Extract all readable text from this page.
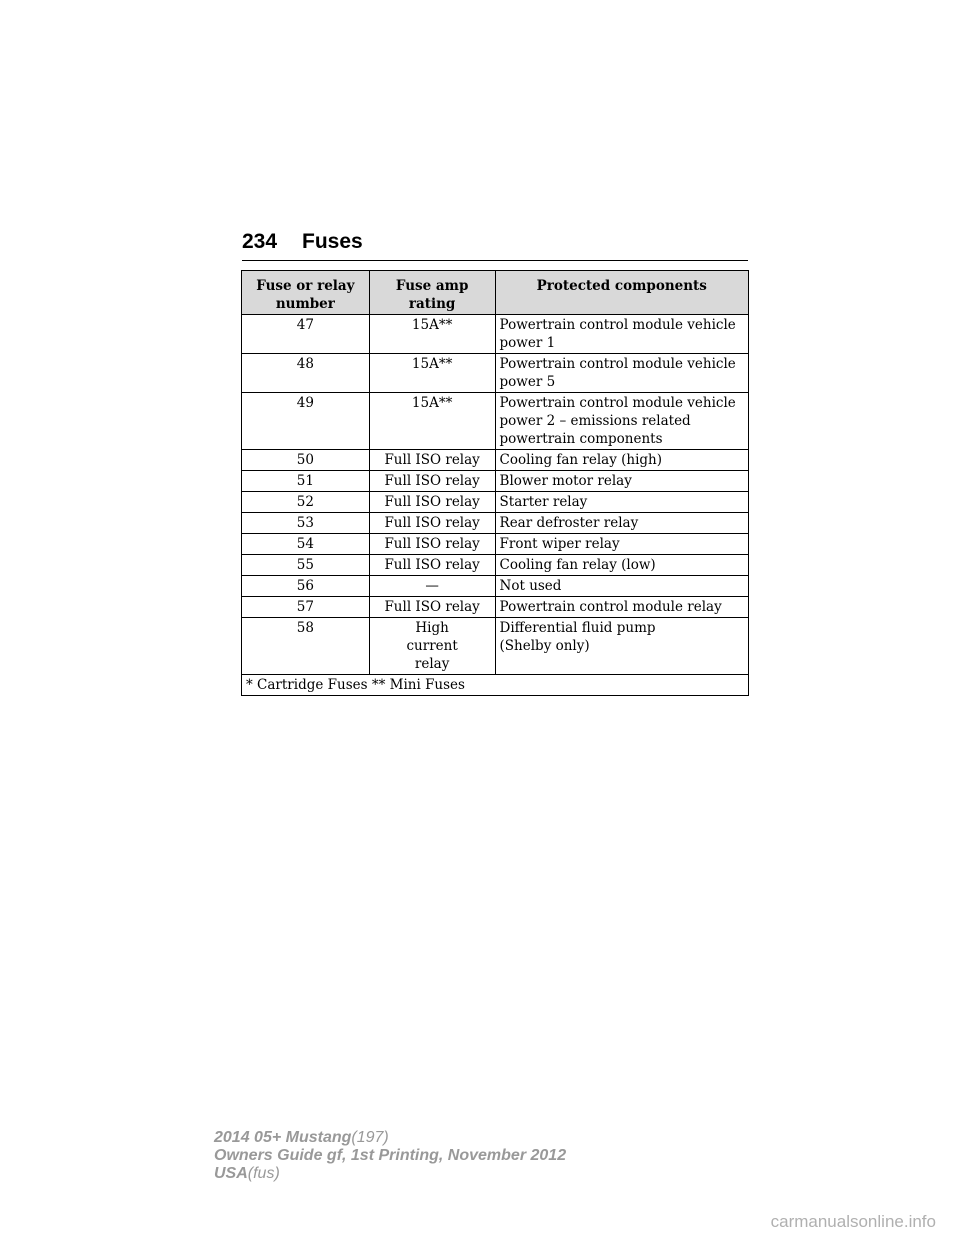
234 Fuses
Fuse or relay number	Fuse amp rating	Protected components
47	15A**	Powertrain control module vehicle power 1
48	15A**	Powertrain control module vehicle power 5
49	15A**	Powertrain control module vehicle power 2 – emissions related powertrain components
50	Full ISO relay	Cooling fan relay (high)
51	Full ISO relay	Blower motor relay
52	Full ISO relay	Starter relay
53	Full ISO relay	Rear defroster relay
54	Full ISO relay	Front wiper relay
55	Full ISO relay	Cooling fan relay (low)
56	—	Not used
57	Full ISO relay	Powertrain control module relay
58	High current relay	Differential fluid pump (Shelby only)
* Cartridge Fuses ** Mini Fuses		
2014 05+ Mustang(197)
Owners Guide gf, 1st Printing, November 2012
USA(fus)
carmanualsonline.info
